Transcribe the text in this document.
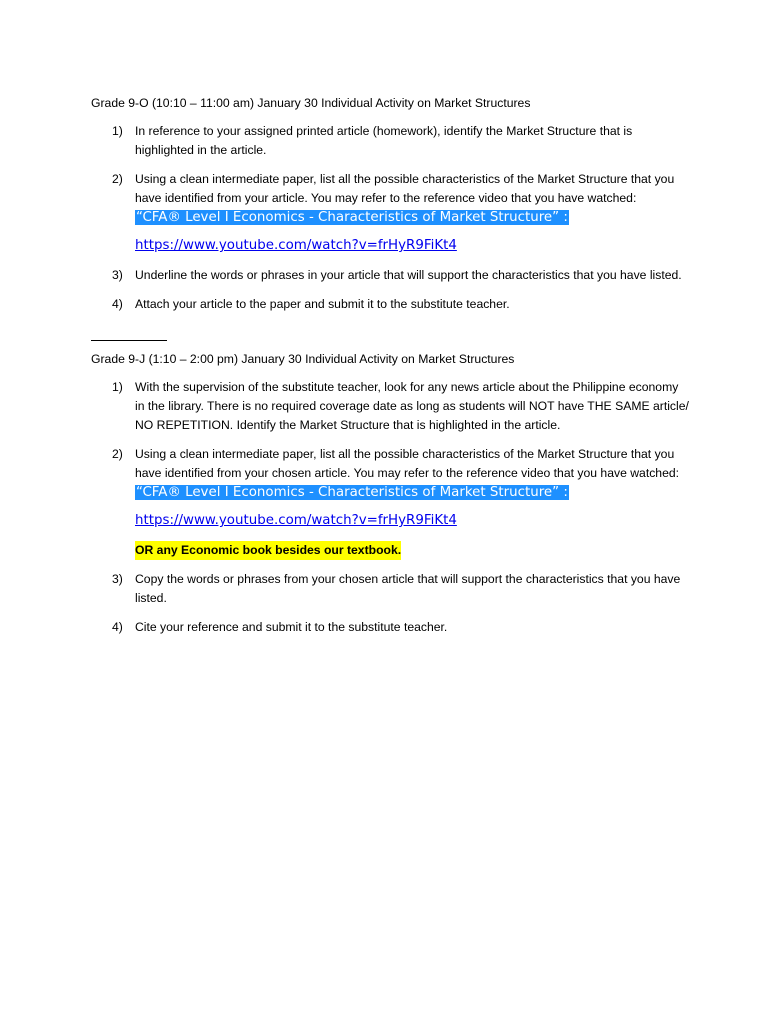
Grade 9-O (10:10 – 11:00 am) January 30 Individual Activity on Market Structures
1) In reference to your assigned printed article (homework), identify the Market Structure that is highlighted in the article.
2) Using a clean intermediate paper, list all the possible characteristics of the Market Structure that you have identified from your article. You may refer to the reference video that you have watched:
“CFA® Level I Economics - Characteristics of Market Structure” :
https://www.youtube.com/watch?v=frHyR9FiKt4
3) Underline the words or phrases in your article that will support the characteristics that you have listed.
4) Attach your article to the paper and submit it to the substitute teacher.
Grade 9-J (1:10 – 2:00 pm) January 30 Individual Activity on Market Structures
1) With the supervision of the substitute teacher, look for any news article about the Philippine economy in the library. There is no required coverage date as long as students will NOT have THE SAME article/ NO REPETITION. Identify the Market Structure that is highlighted in the article.
2) Using a clean intermediate paper, list all the possible characteristics of the Market Structure that you have identified from your chosen article. You may refer to the reference video that you have watched:
“CFA® Level I Economics - Characteristics of Market Structure” :
https://www.youtube.com/watch?v=frHyR9FiKt4
OR any Economic book besides our textbook.
3) Copy the words or phrases from your chosen article that will support the characteristics that you have listed.
4) Cite your reference and submit it to the substitute teacher.
